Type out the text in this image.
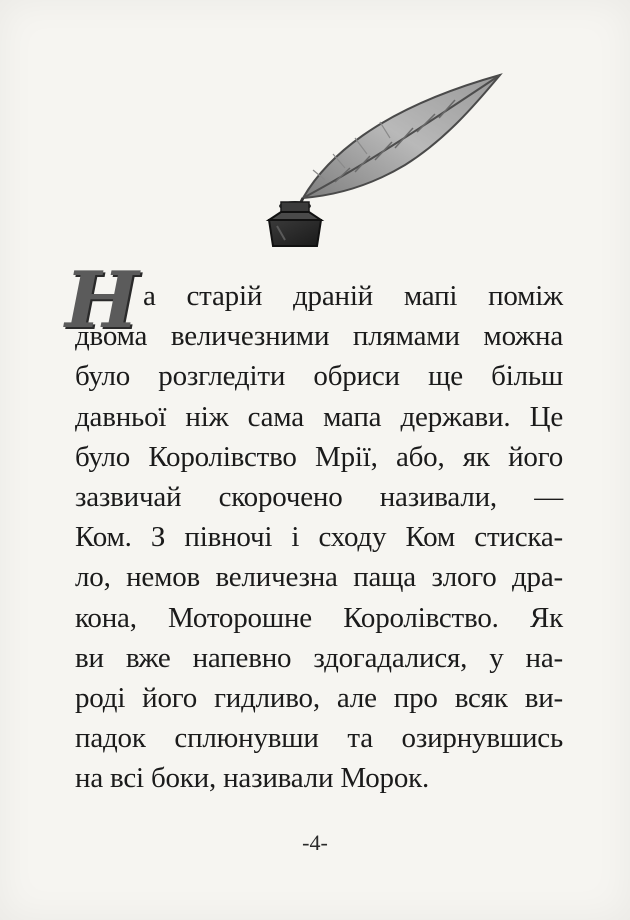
Н а старій драній мапі поміж
двома величезними плямами можна
було розгледіти обриси ще більш
давньої ніж сама мапа держави. Це
було Королівство Мрії, або, як його
зазвичай скорочено називали, —
Ком. З півночі і сходу Ком стиска-
ло, немов величезна паща злого дра-
кона, Моторошне Королівство. Як
ви вже напевно здогадалися, у на-
роді його гидливо, але про всяк ви-
падок сплюнувши та озирнувшись
на всі боки, називали Морок.
-4-
